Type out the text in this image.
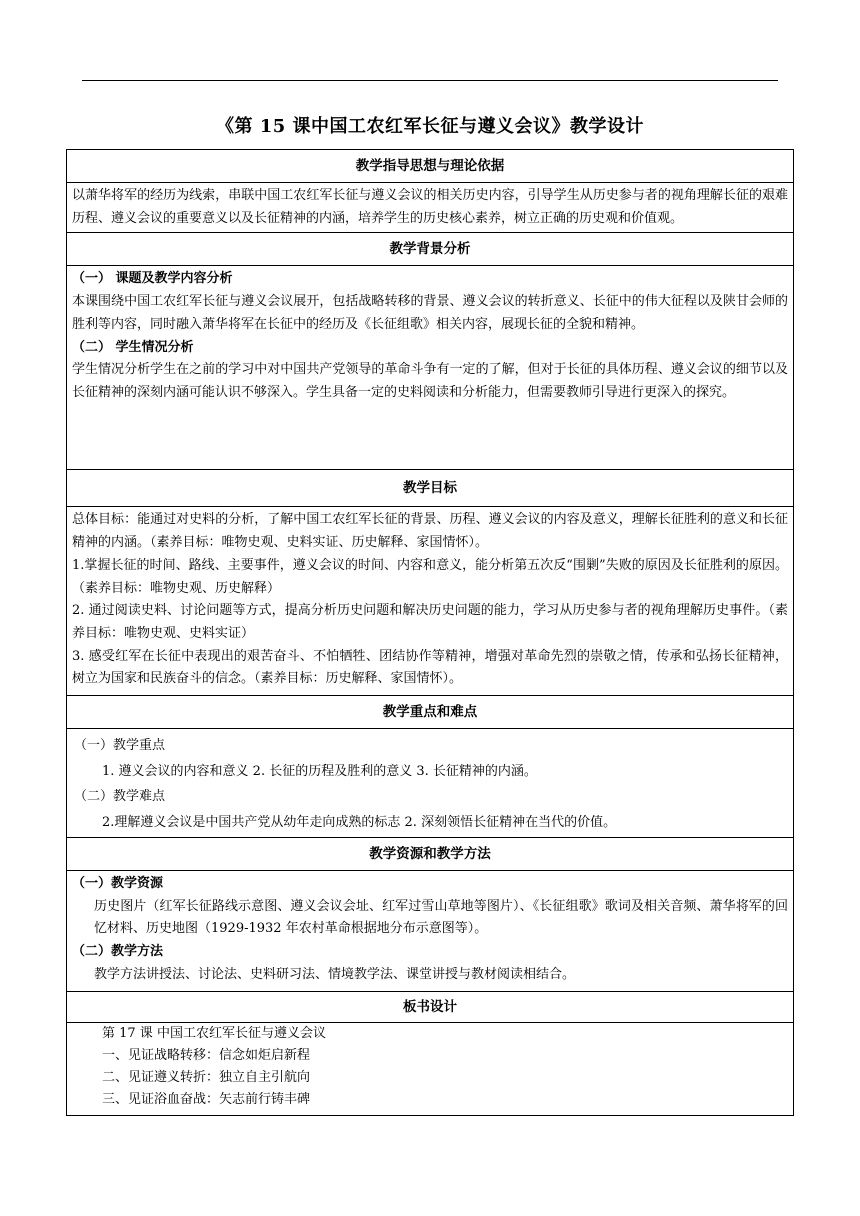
《第 15 课中国工农红军长征与遵义会议》教学设计
教学指导思想与理论依据
以萧华将军的经历为线索，串联中国工农红军长征与遵义会议的相关历史内容，引导学生从历史参与者的视角理解长征的艰难历程、遵义会议的重要意义以及长征精神的内涵，培养学生的历史核心素养，树立正确的历史观和价值观。
教学背景分析
（一） 课题及教学内容分析
本课围绕中国工农红军长征与遵义会议展开，包括战略转移的背景、遵义会议的转折意义、长征中的伟大征程以及陕甘会师的胜利等内容，同时融入萧华将军在长征中的经历及《长征组歌》相关内容，展现长征的全貌和精神。
（二） 学生情况分析
学生情况分析学生在之前的学习中对中国共产党领导的革命斗争有一定的了解，但对于长征的具体历程、遵义会议的细节以及长征精神的深刻内涵可能认识不够深入。学生具备一定的史料阅读和分析能力，但需要教师引导进行更深入的探究。
教学目标
总体目标：能通过对史料的分析，了解中国工农红军长征的背景、历程、遵义会议的内容及意义，理解长征胜利的意义和长征精神的内涵。（素养目标：唯物史观、史料实证、历史解释、家国情怀）。
1.掌握长征的时间、路线、主要事件，遵义会议的时间、内容和意义，能分析第五次反“围剿”失败的原因及长征胜利的原因。（素养目标：唯物史观、历史解释）
2. 通过阅读史料、讨论问题等方式，提高分析历史问题和解决历史问题的能力，学习从历史参与者的视角理解历史事件。（素养目标：唯物史观、史料实证）
3. 感受红军在长征中表现出的艰苦奋斗、不怕牺牲、团结协作等精神，增强对革命先烈的崇敬之情，传承和弘扬长征精神，树立为国家和民族奋斗的信念。（素养目标：历史解释、家国情怀）。
教学重点和难点
（一）教学重点
1. 遵义会议的内容和意义 2. 长征的历程及胜利的意义 3. 长征精神的内涵。
（二）教学难点
2.理解遵义会议是中国共产党从幼年走向成熟的标志 2. 深刻领悟长征精神在当代的价值。
教学资源和教学方法
（一）教学资源
历史图片（红军长征路线示意图、遵义会议会址、红军过雪山草地等图片）、《长征组歌》歌词及相关音频、萧华将军的回忆材料、历史地图（1929-1932 年农村革命根据地分布示意图等）。
（二）教学方法
教学方法讲授法、讨论法、史料研习法、情境教学法、课堂讲授与教材阅读相结合。
板书设计
第 17 课 中国工农红军长征与遵义会议
一、见证战略转移：信念如炬启新程
二、见证遵义转折：独立自主引航向
三、见证浴血奋战：矢志前行铸丰碑
